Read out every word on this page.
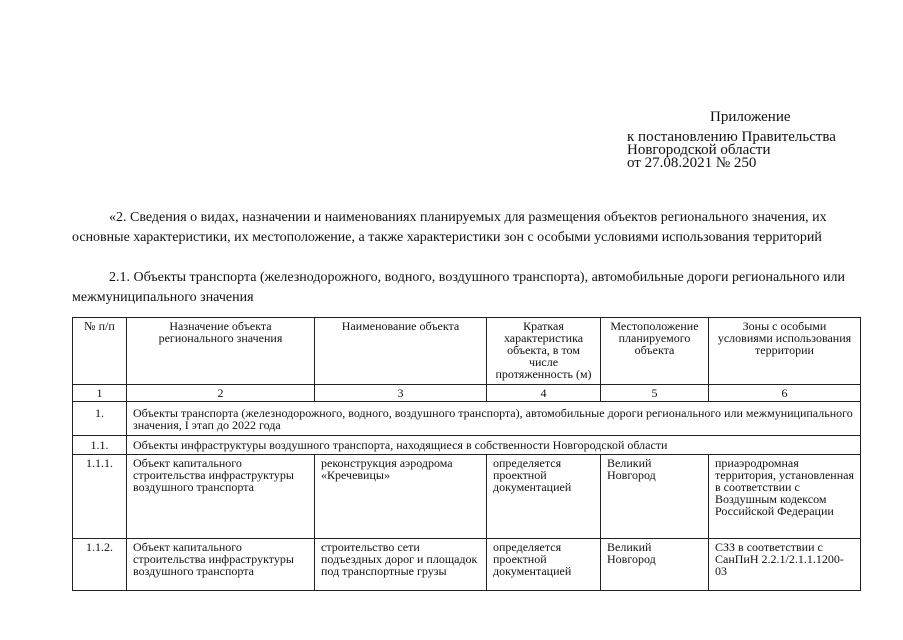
Приложение
к постановлению Правительства
Новгородской области
от 27.08.2021 № 250
«2. Сведения о видах, назначении и наименованиях планируемых для размещения объектов регионального значения, их основные характеристики, их местоположение, а также характеристики зон с особыми условиями использования территорий
2.1. Объекты транспорта (железнодорожного, водного, воздушного транспорта), автомобильные дороги регионального или межмуниципального значения
№ п/п	Назначение объекта регионального значения	Наименование объекта	Краткая характеристика объекта, в том числе протяженность (м)	Местоположение планируемого объекта	Зоны с особыми условиями использования территории
1	2	3	4	5	6
1.	Объекты транспорта (железнодорожного, водного, воздушного транспорта), автомобильные дороги регионального или межмуниципального значения, I этап до 2022 года				
1.1.	Объекты инфраструктуры воздушного транспорта, находящиеся в собственности Новгородской области				
1.1.1.	Объект капитального строительства инфраструктуры воздушного транспорта	реконструкция аэродрома «Кречевицы»	определяется проектной документацией	Великий Новгород	приаэродромная территория, установленная в соответствии с Воздушным кодексом Российской Федерации
1.1.2.	Объект капитального строительства инфраструктуры воздушного транспорта	строительство сети подъездных дорог и площадок под транспортные грузы	определяется проектной документацией	Великий Новгород	СЗЗ в соответствии с СанПиН 2.2.1/2.1.1.1200-03
